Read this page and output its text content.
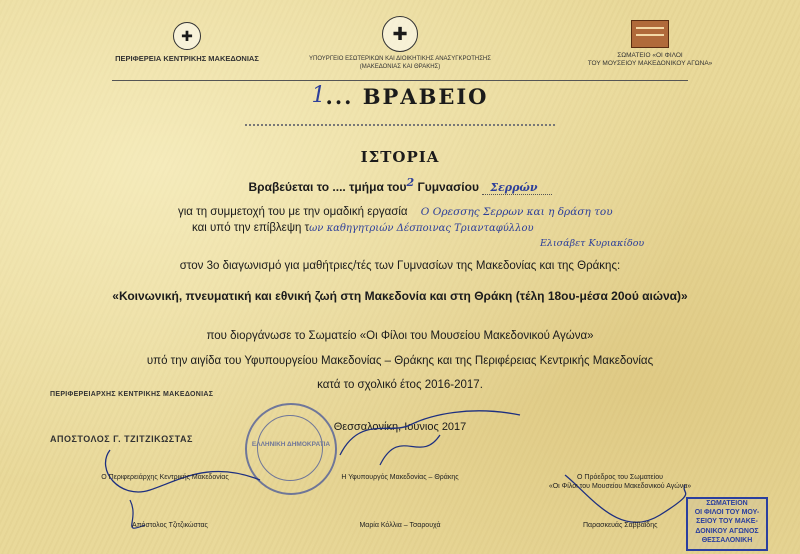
✚
ΠΕΡΙΦΕΡΕΙΑ ΚΕΝΤΡΙΚΗΣ ΜΑΚΕΔΟΝΙΑΣ
✚
ΥΠΟΥΡΓΕΙΟ ΕΣΩΤΕΡΙΚΩΝ ΚΑΙ ΔΙΟΙΚΗΤΙΚΗΣ ΑΝΑΣΥΓΚΡΟΤΗΣΗΣ
(ΜΑΚΕΔΟΝΙΑΣ ΚΑΙ ΘΡΑΚΗΣ)
ΣΩΜΑΤΕΙΟ «ΟΙ ΦΙΛΟΙ
ΤΟΥ ΜΟΥΣΕΙΟΥ ΜΑΚΕΔΟΝΙΚΟΥ ΑΓΩΝΑ»
1... ΒΡΑΒΕΙΟ
ΙΣΤΟΡΙΑ
Βραβεύεται το .... τμήμα του2 Γυμνασίου Σερρών
για τη συμμετοχή του με την ομαδική εργασία Ο Ορεσσης Σερρων και η δράση του
και υπό την επίβλεψη των καθηγητριών Δέσποινας Τριανταφύλλου
Ελισάβετ Κυριακίδου
στον 3ο διαγωνισμό για μαθήτριες/τές των Γυμνασίων της Μακεδονίας και της Θράκης:
«Κοινωνική, πνευματική και εθνική ζωή στη Μακεδονία και στη Θράκη (τέλη 18ου-μέσα 20ού αιώνα)»
που διοργάνωσε το Σωματείο «Οι Φίλοι του Μουσείου Μακεδονικού Αγώνα»
υπό την αιγίδα του Υφυπουργείου Μακεδονίας – Θράκης και της Περιφέρειας Κεντρικής Μακεδονίας
κατά το σχολικό έτος 2016-2017.
Θεσσαλονίκη, Ιούνιος 2017
ΠΕΡΙΦΕΡΕΙΑΡΧΗΣ ΚΕΝΤΡΙΚΗΣ ΜΑΚΕΔΟΝΙΑΣ
ΑΠΟΣΤΟΛΟΣ Γ. ΤΖΙΤΖΙΚΩΣΤΑΣ
ΕΛΛΗΝΙΚΗ ΔΗΜΟΚΡΑΤΙΑ
ΣΩΜΑΤΕΙΟΝ
ΟΙ ΦΙΛΟΙ ΤΟΥ ΜΟΥ-
ΣΕΙΟΥ ΤΟΥ ΜΑΚΕ-
ΔΟΝΙΚΟΥ ΑΓΩΝΟΣ
ΘΕΣΣΑΛΟΝΙΚΗ
Ο Περιφερειάρχης Κεντρικής Μακεδονίας
Απόστολος Τζιτζικώστας
Η Υφυπουργός Μακεδονίας – Θράκης
Μαρία Κόλλια – Τσαρουχά
Ο Πρόεδρος του Σωματείου
«Οι Φίλοι του Μουσείου Μακεδονικού Αγώνα»
Παρασκευάς Σαββαΐδης
